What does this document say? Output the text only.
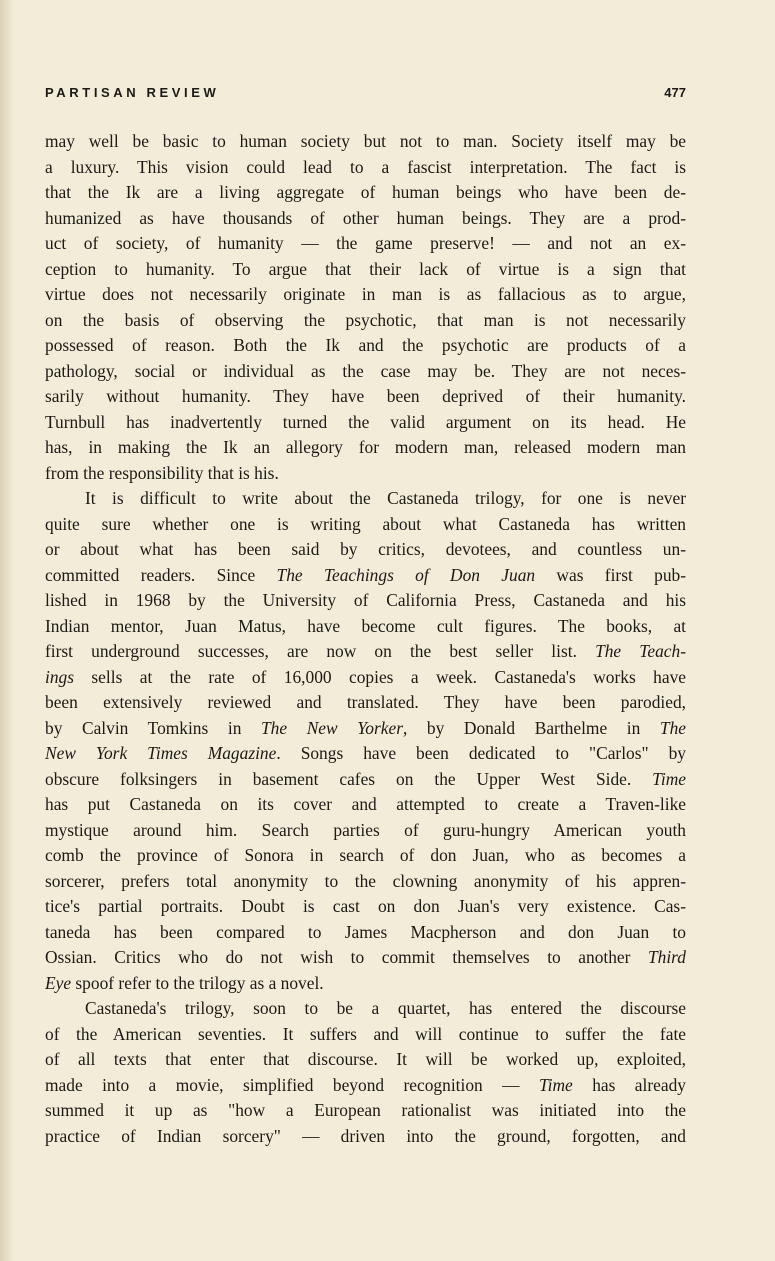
PARTISAN REVIEW	477
may well be basic to human society but not to man. Society itself may be
a luxury. This vision could lead to a fascist interpretation. The fact is
that the Ik are a living aggregate of human beings who have been de-
humanized as have thousands of other human beings. They are a prod-
uct of society, of humanity — the game preserve! — and not an ex-
ception to humanity. To argue that their lack of virtue is a sign that
virtue does not necessarily originate in man is as fallacious as to argue,
on the basis of observing the psychotic, that man is not necessarily
possessed of reason. Both the Ik and the psychotic are products of a
pathology, social or individual as the case may be. They are not neces-
sarily without humanity. They have been deprived of their humanity.
Turnbull has inadvertently turned the valid argument on its head. He
has, in making the Ik an allegory for modern man, released modern man
from the responsibility that is his.
It is difficult to write about the Castaneda trilogy, for one is never
quite sure whether one is writing about what Castaneda has written
or about what has been said by critics, devotees, and countless un-
committed readers. Since The Teachings of Don Juan was first pub-
lished in 1968 by the University of California Press, Castaneda and his
Indian mentor, Juan Matus, have become cult figures. The books, at
first underground successes, are now on the best seller list. The Teach-
ings sells at the rate of 16,000 copies a week. Castaneda's works have
been extensively reviewed and translated. They have been parodied,
by Calvin Tomkins in The New Yorker, by Donald Barthelme in The
New York Times Magazine. Songs have been dedicated to "Carlos" by
obscure folksingers in basement cafes on the Upper West Side. Time
has put Castaneda on its cover and attempted to create a Traven-like
mystique around him. Search parties of guru-hungry American youth
comb the province of Sonora in search of don Juan, who as becomes a
sorcerer, prefers total anonymity to the clowning anonymity of his appren-
tice's partial portraits. Doubt is cast on don Juan's very existence. Cas-
taneda has been compared to James Macpherson and don Juan to
Ossian. Critics who do not wish to commit themselves to another Third
Eye spoof refer to the trilogy as a novel.
Castaneda's trilogy, soon to be a quartet, has entered the discourse
of the American seventies. It suffers and will continue to suffer the fate
of all texts that enter that discourse. It will be worked up, exploited,
made into a movie, simplified beyond recognition — Time has already
summed it up as "how a European rationalist was initiated into the
practice of Indian sorcery" — driven into the ground, forgotten, and
